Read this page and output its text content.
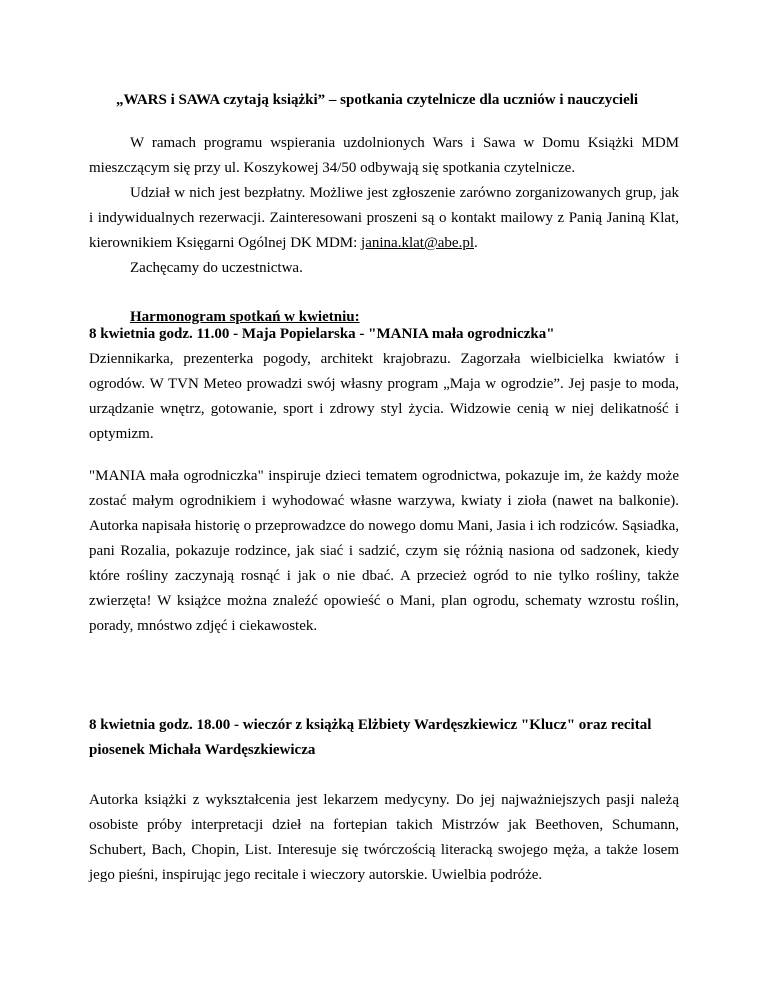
„WARS i SAWA czytają książki” – spotkania czytelnicze dla uczniów i nauczycieli
W ramach programu wspierania uzdolnionych Wars i Sawa w Domu Książki MDM mieszczącym się przy ul. Koszykowej 34/50 odbywają się spotkania czytelnicze.
Udział w nich jest bezpłatny. Możliwe jest zgłoszenie zarówno zorganizowanych grup, jak i indywidualnych rezerwacji. Zainteresowani proszeni są o kontakt mailowy z Panią Janiną Klat, kierownikiem Księgarni Ogólnej DK MDM: janina.klat@abe.pl.
Zachęcamy do uczestnictwa.
Harmonogram spotkań w kwietniu:
8 kwietnia godz. 11.00 - Maja Popielarska - "MANIA mała ogrodniczka"
Dziennikarka, prezenterka pogody, architekt krajobrazu. Zagorzała wielbicielka kwiatów i ogrodów. W TVN Meteo prowadzi swój własny program „Maja w ogrodzie”. Jej pasje to moda, urządzanie wnętrz, gotowanie, sport i zdrowy styl życia. Widzowie cenią w niej delikatność i optymizm.
"MANIA mała ogrodniczka" inspiruje dzieci tematem ogrodnictwa, pokazuje im, że każdy może zostać małym ogrodnikiem i wyhodować własne warzywa, kwiaty i zioła (nawet na balkonie). Autorka napisała historię o przeprowadzce do nowego domu Mani, Jasia i ich rodziców. Sąsiadka, pani Rozalia, pokazuje rodzince, jak siać i sadzić, czym się różnią nasiona od sadzonek, kiedy które rośliny zaczynają rosnąć i jak o nie dbać. A przecież ogród to nie tylko rośliny, także zwierzęta! W książce można znaleźć opowieść o Mani, plan ogrodu, schematy wzrostu roślin, porady, mnóstwo zdjęć i ciekawostek.
8 kwietnia godz. 18.00 - wieczór z książką Elżbiety Wardęszkiewicz "Klucz" oraz recital piosenek Michała Wardęszkiewicza
Autorka książki z wykształcenia jest lekarzem medycyny. Do jej najważniejszych pasji należą osobiste próby interpretacji dzieł na fortepian takich Mistrzów jak Beethoven, Schumann, Schubert, Bach, Chopin, List. Interesuje się twórczością literacką swojego męża, a także losem jego pieśni, inspirując jego recitale i wieczory autorskie. Uwielbia podróże.
